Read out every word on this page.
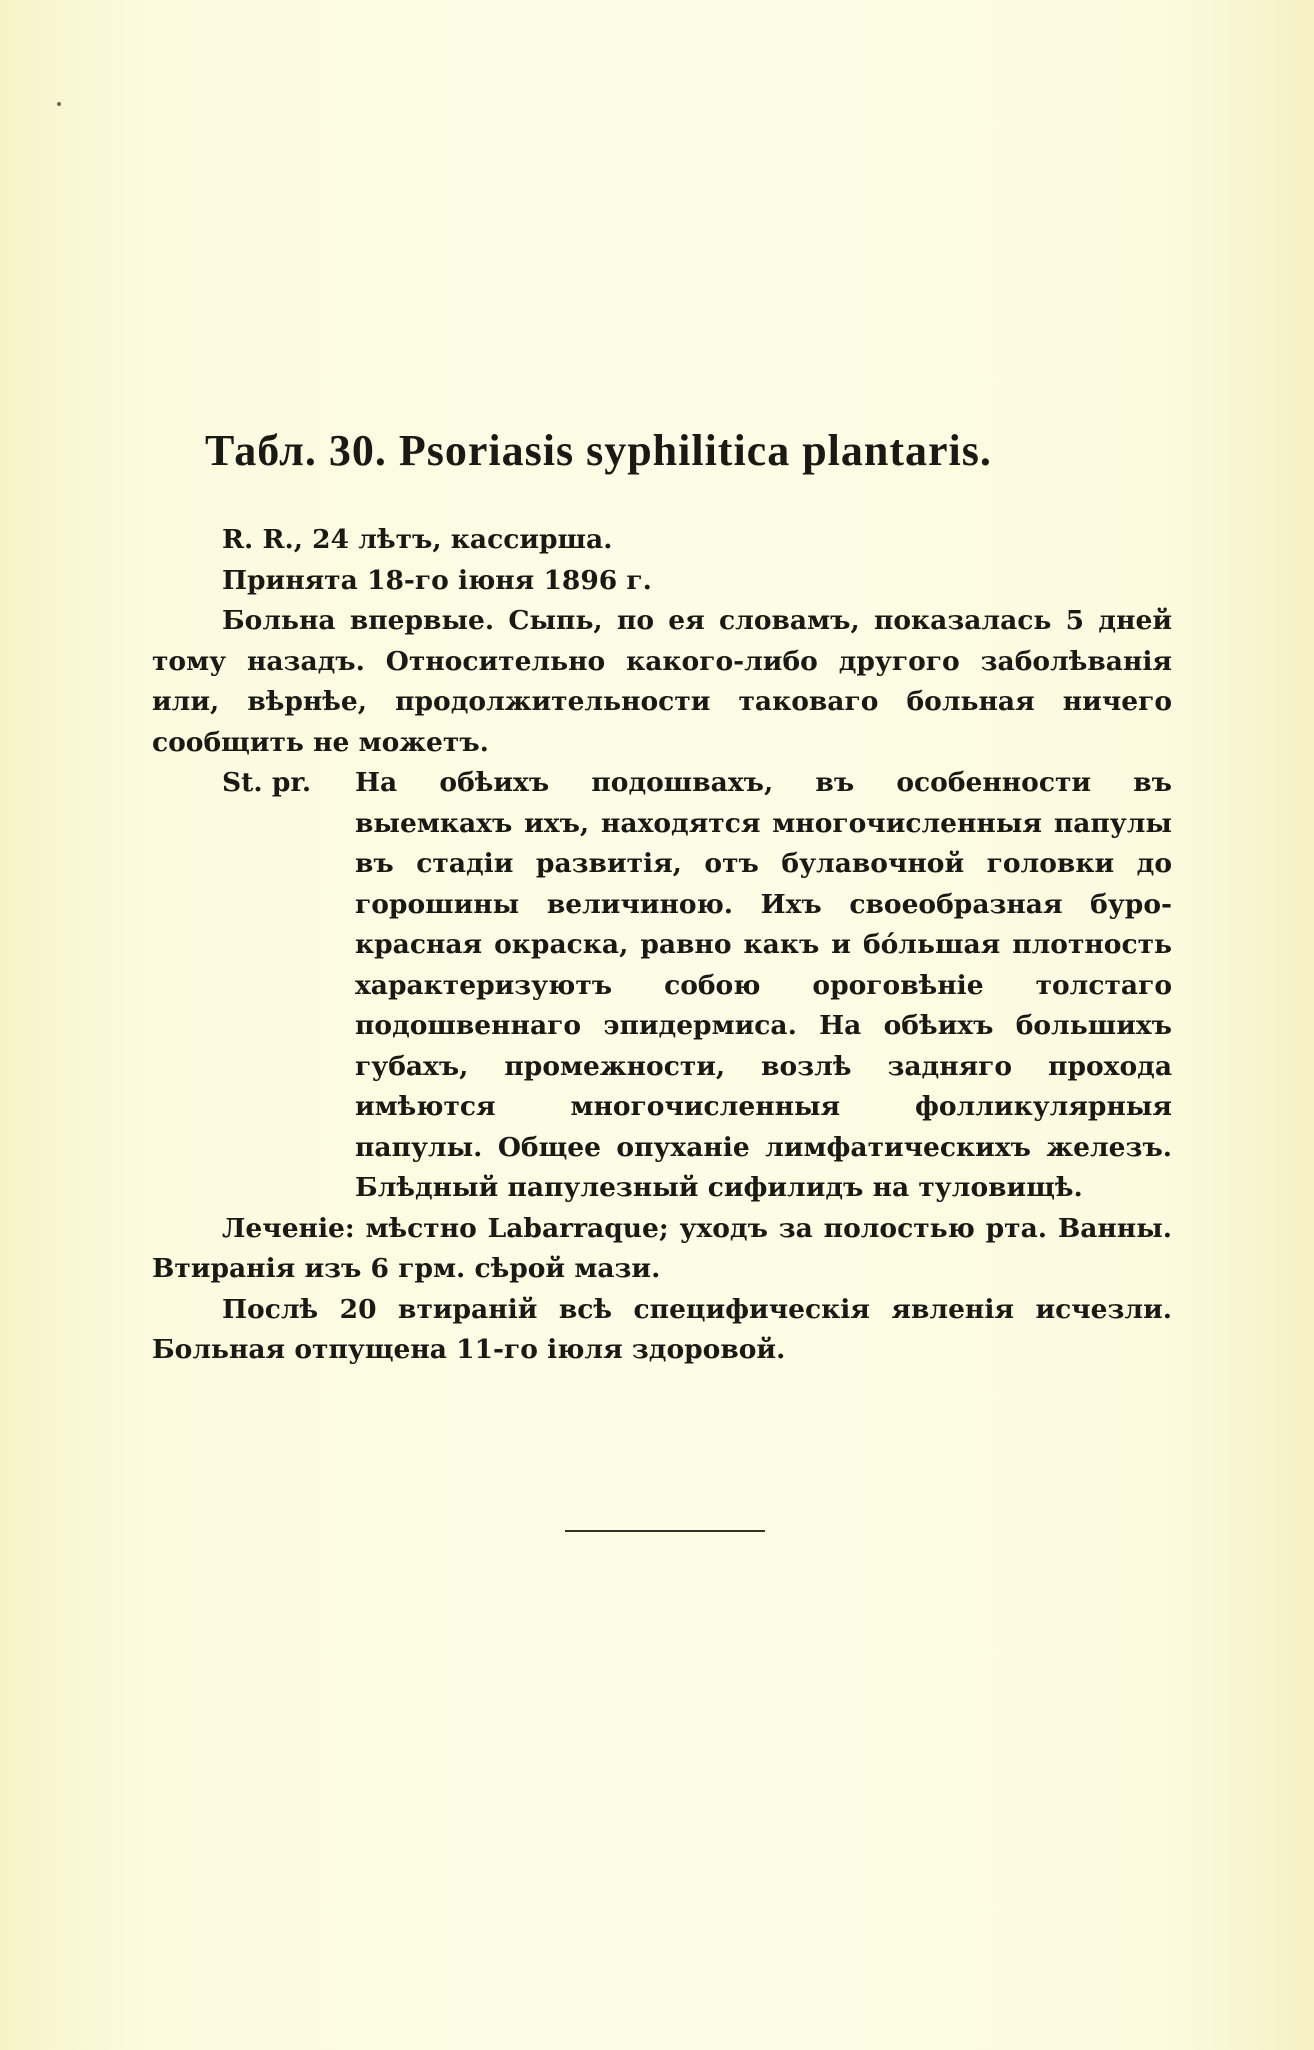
Табл. 30. Psoriasis syphilitica plantaris.

R. R., 24 лѣтъ, кассирша.

Принята 18-го іюня 1896 г.

Больна впервые. Сыпь, по ея словамъ, показалась 5 дней тому назадъ. Относительно какого-либо другого заболѣванія или, вѣрнѣе, продолжительности таковаго больная ничего сообщить не можетъ.

St. pr.	На обѣихъ подошвахъ, въ особенности въ выемкахъ ихъ, находятся многочисленныя папулы въ стадіи развитія, отъ булавочной головки до горошины величиною. Ихъ своеобразная буро-красная окраска, равно какъ и бо́льшая плотность характеризуютъ собою ороговѣніе толстаго подошвеннаго эпидермиса. На обѣихъ большихъ губахъ, промежности, возлѣ задняго прохода имѣются многочисленныя фолликулярныя папулы. Общее опуханіе лимфатическихъ железъ. Блѣдный папулезный сифилидъ на туловищѣ.

Леченіе: мѣстно Labarraque; уходъ за полостью рта. Ванны. Втиранія изъ 6 грм. сѣрой мази.

Послѣ 20 втираній всѣ специфическія явленія исчезли. Больная отпущена 11-го іюля здоровой.
